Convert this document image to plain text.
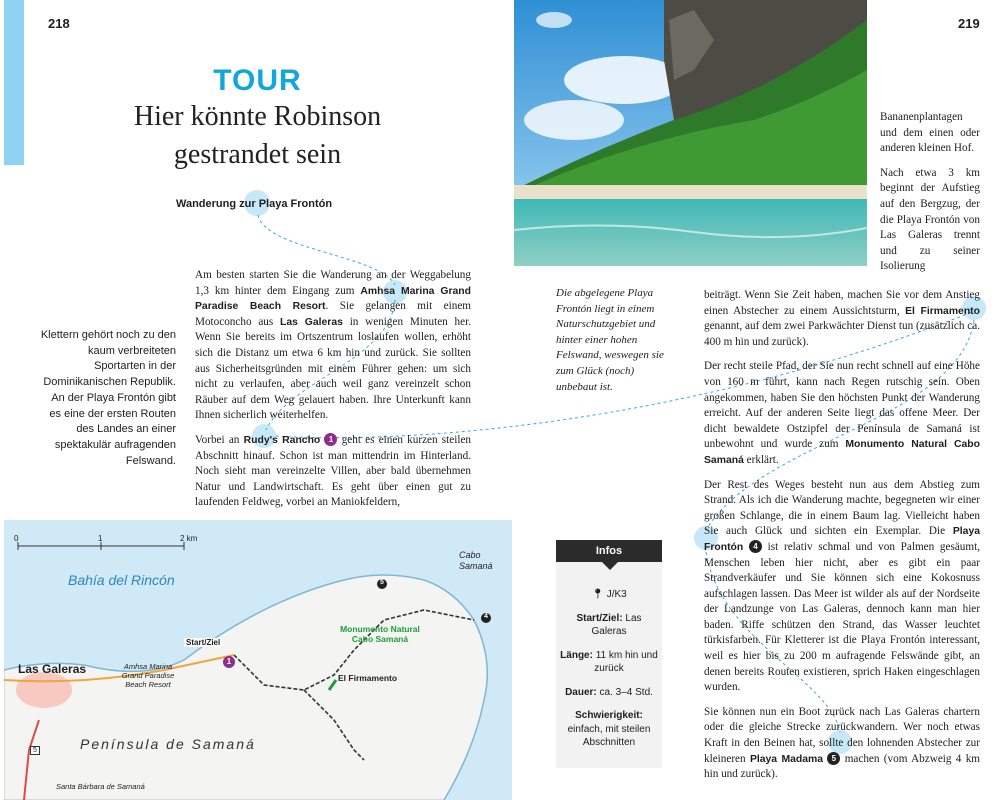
218	219
TOUR
Hier könnte Robinson
gestrandet sein
Wanderung zur Playa Frontón
Klettern gehört noch zu den kaum verbreiteten Sportarten in der Dominikanischen Republik. An der Playa Frontón gibt es eine der ersten Routen des Landes an einer spektakulär aufragenden Felswand.

Am besten starten Sie die Wanderung an der Weggabelung 1,3 km hinter dem Eingang zum Amhsa Marina Grand Paradise Beach Resort. Sie gelangen mit einem Motoconcho aus Las Galeras in wenigen Minuten her. Wenn Sie bereits im Ortszentrum loslaufen wollen, erhöht sich die Distanz um etwa 6 km hin und zurück. Sie sollten aus Sicherheitsgründen mit einem Führer gehen: um sich nicht zu verlaufen, aber auch weil ganz vereinzelt schon Räuber auf dem Weg gelauert haben. Ihre Unterkunft kann Ihnen sicherlich weiterhelfen.

Vorbei an Rudy's Rancho 1 geht es einen kurzen steilen Abschnitt hinauf. Schon ist man mittendrin im Hinterland. Noch sieht man vereinzelte Villen, aber bald übernehmen Natur und Landwirtschaft. Es geht über einen gut zu laufenden Feldweg, vorbei an Maniokfeldern,

Die abgelegene Playa Frontón liegt in einem Naturschutzgebiet und hinter einer hohen Felswand, weswegen sie zum Glück (noch) unbebaut ist.

Bananenplantagen und dem einen oder anderen kleinen Hof.

Nach etwa 3 km beginnt der Aufstieg auf den Bergzug, der die Playa Frontón von Las Galeras trennt und zu seiner Isolierung

beiträgt. Wenn Sie Zeit haben, machen Sie vor dem Anstieg einen Abstecher zu einem Aussichtsturm, El Firmamento genannt, auf dem zwei Parkwächter Dienst tun (zusätzlich ca. 400 m hin und zurück).

Der recht steile Pfad, der Sie nun recht schnell auf eine Höhe von 160 m führt, kann nach Regen rutschig sein. Oben angekommen, haben Sie den höchsten Punkt der Wanderung erreicht. Auf der anderen Seite liegt das offene Meer. Der dicht bewaldete Ostzipfel der Península de Samaná ist unbewohnt und wurde zum Monumento Natural Cabo Samaná erklärt.

Der Rest des Weges besteht nun aus dem Abstieg zum Strand. Als ich die Wanderung machte, begegneten wir einer großen Schlange, die in einem Baum lag. Vielleicht haben Sie auch Glück und sichten ein Exemplar. Die Playa Frontón 4 ist relativ schmal und von Palmen gesäumt, Menschen leben hier nicht, aber es gibt ein paar Strandverkäufer und Sie können sich eine Kokosnuss aufschlagen lassen. Das Meer ist wilder als auf der Nordseite der Landzunge von Las Galeras, dennoch kann man hier baden. Riffe schützen den Strand, das Wasser leuchtet türkisfarben. Für Kletterer ist die Playa Frontón interessant, weil es hier bis zu 200 m aufragende Felswände gibt, an denen bereits Routen existieren, sprich Haken eingeschlagen wurden.

Sie können nun ein Boot zurück nach Las Galeras chartern oder die gleiche Strecke zurückwandern. Wer noch etwas Kraft in den Beinen hat, sollte den lohnenden Abstecher zur kleineren Playa Madama 5 machen (vom Abzweig 4 km hin und zurück).

Infos
📍︎ J/K3
Start/Ziel: Las Galeras
Länge: 11 km hin und zurück
Dauer: ca. 3–4 Std.
Schwierigkeit:
einfach, mit steilen Abschnitten
0	1	2 km
Bahía del Rincón
Cabo Samaná
Monumento Natural Cabo Samaná
Start/Ziel
Las Galeras	Amhsa Marina Grand Paradise Beach Resort
El Firmamento
Península de Samaná
Santa Bárbara de Samaná
5
5
4
1
